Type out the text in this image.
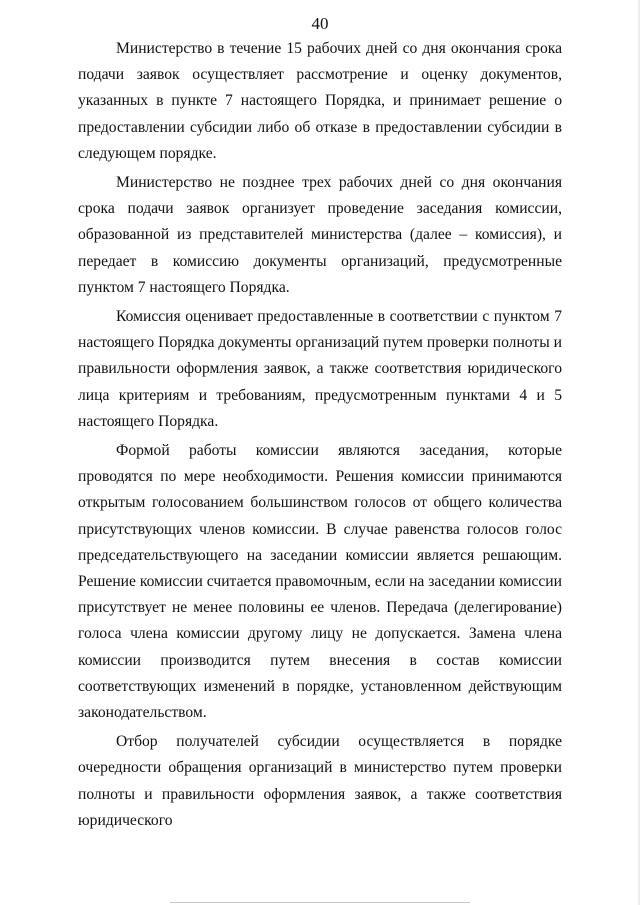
40

Министерство в течение 15 рабочих дней со дня окончания срока подачи заявок осуществляет рассмотрение и оценку документов, указанных в пункте 7 настоящего Порядка, и принимает решение о предоставлении субсидии либо об отказе в предоставлении субсидии в следующем порядке.

Министерство не позднее трех рабочих дней со дня окончания срока подачи заявок организует проведение заседания комиссии, образованной из представителей министерства (далее – комиссия), и передает в комиссию документы организаций, предусмотренные пунктом 7 настоящего Порядка.

Комиссия оценивает предоставленные в соответствии с пунктом 7 настоящего Порядка документы организаций путем проверки полноты и правильности оформления заявок, а также соответствия юридического лица критериям и требованиям, предусмотренным пунктами 4 и 5 настоящего Порядка.

Формой работы комиссии являются заседания, которые проводятся по мере необходимости. Решения комиссии принимаются открытым голосованием большинством голосов от общего количества присутствующих членов комиссии. В случае равенства голосов голос председательствующего на заседании комиссии является решающим. Решение комиссии считается правомочным, если на заседании комиссии присутствует не менее половины ее членов. Передача (делегирование) голоса члена комиссии другому лицу не допускается. Замена члена комиссии производится путем внесения в состав комиссии соответствующих изменений в порядке, установленном действующим законодательством.

Отбор получателей субсидии осуществляется в порядке очередности обращения организаций в министерство путем проверки полноты и правильности оформления заявок, а также соответствия юридического
